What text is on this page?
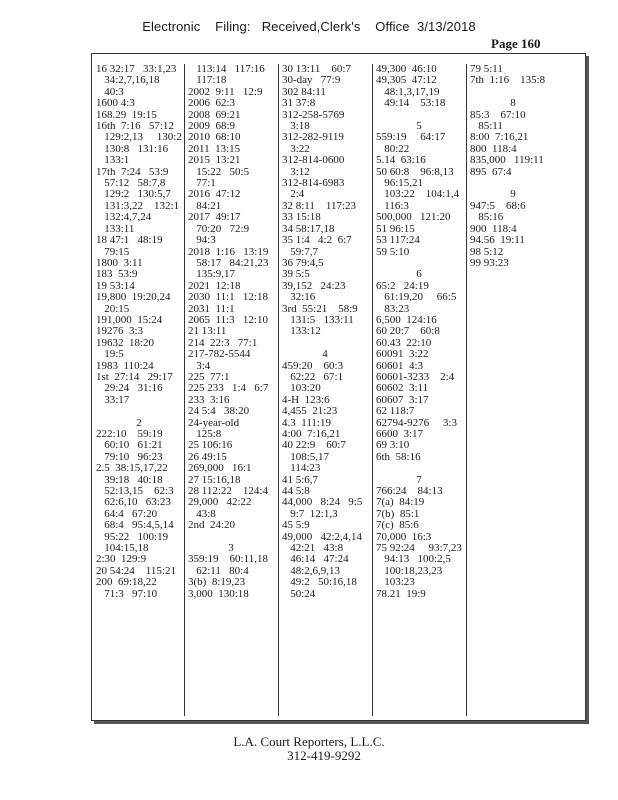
Electronic    Filing:   Received,Clerk's    Office  3/13/2018
Page 160
16 32:17   33:1,23
34:2,7,16,18
40:3
1600 4:3
168.29  19:15
16th  7:16   57:12
129:2,13     130:2
130:8   131:16
133:1
17th  7:24   53:9
57:12   58:7,8
129:2   130:5,7
131:3,22    132:1
132:4,7,24
133:11
18 47:1   48:19
79:15
1800  3:11
183  53:9
19 53:14
19,800  19:20,24
20:15
191,000  15:24
19276  3:3
19632  18:20
19:5
1983  110:24
1st  27:14   29:17
29:24   31:16
33:17

2
222:10    59:19
60:10   61:21
79:10   96:23
2.5  38:15,17,22
39:18   40:18
52:13,15    62:3
62:6,10   63:23
64:4   67:20
68:4   95:4,5,14
95:22   100:19
104:15,18
2:30  129:9
20 54:24    115:21
200  69:18,22
71:3   97:10
113:14   117:16
117:18
2002  9:11   12:9
2006  62:3
2008  69:21
2009  68:9
2010  68:10
2011  13:15
2015  13:21
15:22   50:5
77:1
2016  47:12
84:21
2017  49:17
70:20   72:9
94:3
2018  1:16   13:19
58:17   84:21,23
135:9,17
2021  12:18
2030  11:1   12:18
2031  11:1
2065  11:3   12:10
21 13:11
214  22:3   77:1
217-782-5544
3:4
225  77:1
225 233   1:4   6:7
233  3:16
24 5:4   38:20
24-year-old
125:8
25 106:16
26 49:15
269,000   16:1
27 15:16,18
28 112:22    124:4
29,000   42:22
43:8
2nd  24:20

3
359:19    60:11,18
62:11   80:4
3(b)  8:19,23
3,000  130:18
30 13:11    60:7
30-day   77:9
302 84:11
31 37:8
312-258-5769
3:18
312-282-9119
3:22
312-814-0600
3:12
312-814-6983
2:4
32 8:11    117:23
33 15:18
34 58:17,18
35 1:4   4:2  6:7
59:7,7
36 79:4,5
39 5:5
39,152   24:23
32:16
3rd  55:21    58:9
131:5   133:11
133:12

4
459:20    60:3
62:22   67:1
103:20
4-H  123:6
4,455  21:23
4.3  111:19
4:00  7:16,21
40 22:9    60:7
108:5,17
114:23
41 5:6,7
44 5:8
44,000   8:24   9:5
9:7  12:1,3
45 5:9
49,000   42:2,4,14
42:21   43:8
46:14   47:24
48:2,6,9,13
49:2   50:16,18
50:24
49,300  46:10
49,305  47:12
48:1,3,17,19
49:14    53:18

5
559:19     64:17
80:22
5.14  63:16
50 60:8    96:8,13
96:15,21
103:22    104:1,4
116:3
500,000   121:20
51 96:15
53 117:24
59 5:10

6
65:2   24:19
61:19,20     66:5
83:23
6,500  124:16
60 20:7    60:8
60.43  22:10
60091  3:22
60601  4:3
60601-3233    2:4
60602  3:11
60607  3:17
62 118:7
62794-9276     3:3
6600  3:17
69 3:10
6th  58:16

7
766:24    84:13
7(a)  84:19
7(b)  85:1
7(c)  85:6
70,000  16:3
75 92:24     93:7,23
94:13   100:2,5
100:18,23,23
103:23
78.21  19:9
79 5:11
7th  1:16    135:8

8
85:3    67:10
85:11
8:00  7:16,21
800  118:4
835,000   119:11
895  67:4

9
947:5    68:6
85:16
900  118:4
94.56  19:11
98 5:12
99 93:23
L.A. Court Reporters, L.L.C.
312-419-9292
